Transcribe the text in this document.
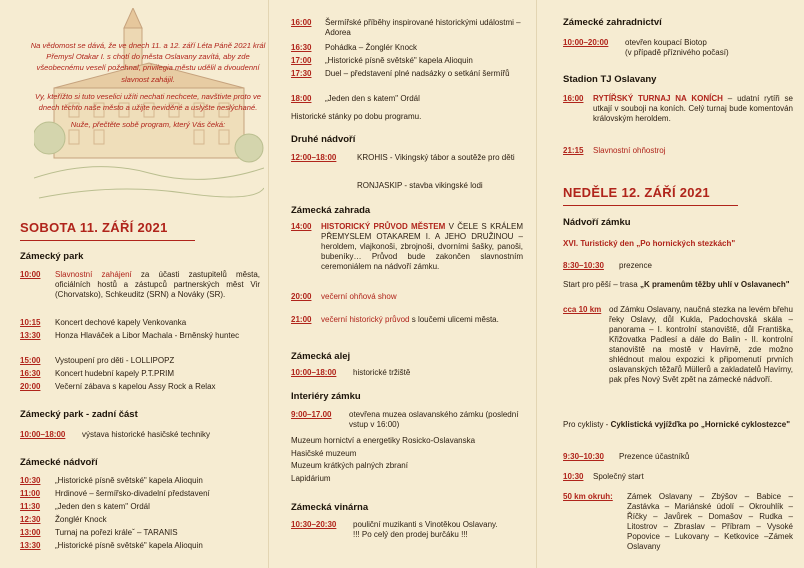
Na vědomost se dává, že ve dnech 11. a 12. září Léta Páně 2021 král Přemysl Otakar I. s chotí do města Oslavany zavítá, aby zde všeobecnému veselí požehnal, privilegia městu udělil a dvoudenní slavnost zahájil.

Vy, kteřížto si tuto veselici užíti nechati nechcete, navštivte proto ve dnech těchto naše město a užijte neviděné a uslyšte neslýchané.

Nuže, přečtěte sobě program, který Vás čeká:

SOBOTA 11. ZÁŘÍ 2021
Zámecký park
10:00	Slavnostní zahájení za účasti zastupitelů města, oficiálních hostů a zástupců partnerských měst Vir (Chorvatsko), Schkeuditz (SRN) a Nováky (SR).
10:15	Koncert dechové kapely Venkovanka
13:30	Honza Hlaváček a Libor Machala - Brněnský huntec
15:00	Vystoupení pro děti - LOLLIPOPZ
16:30	Koncert hudební kapely P.T.PRIM
20:00	Večerní zábava s kapelou Assy Rock a Relax
Zámecký park - zadní část
10:00–18:00	výstava historické hasičské techniky
Zámecké nádvoří
10:30	„Historické písně světské" kapela Alioquin
11:00	Hrdinové – šermířsko-divadelní představení
11:30	„Jeden den s katem" Ordál
12:30	Žonglér Knock
13:00	Turnaj na pořezi králeˇ – TARANIS
13:30	„Historické písně světské" kapela Alioquin
16:00	Šermířské příběhy inspirované historickými událostmi – Adorea
16:30	Pohádka – Žonglér Knock
17:00	„Historické písně světské" kapela Alioquin
17:30	Duel – představení plné nadsázky o setkání šermířů
18:00	„Jeden den s katem" Ordál
Historické stánky po dobu programu.
Druhé nádvoří
12:00–18:00	KROHIS - Vikingský tábor a soutěže pro děti
RONJASKIP - stavba vikingské lodi
Zámecká zahrada
14:00	HISTORICKÝ PRŮVOD MĚSTEM V ČELE S KRÁLEM PŘEMYSLEM OTAKAREM I. A JEHO DRUŽINOU – heroldem, vlajkonoši, zbrojnoši, dvorními šašky, panoši, bubeníky… Průvod bude zakončen slavnostním ceremoniálem na nádvoří zámku.
20:00	večerní ohňová show
21:00	večerní historický průvod s loučemi ulicemi města.
Zámecká alej
10:00–18:00	historické tržiště
Interiéry zámku
9:00–17.00	otevřena muzea oslavanského zámku (poslední vstup v 16:00)
Muzeum hornictví a energetiky Rosicko-Oslavanska
Hasičské muzeum
Muzeum krátkých palných zbraní
Lapidárium
Zámecká vinárna
10:30–20:30	pouliční muzikanti s Vinotěkou Oslavany.
!!! Po celý den prodej burčáku !!!
Zámecké zahradnictví
10:00–20:00	otevřen koupací Biotop
(v případě příznivého počasí)
Stadion TJ Oslavany
16:00	RYTÍŘSKÝ TURNAJ NA KONÍCH – udatní rytíři se utkají v souboji na koních. Celý turnaj bude komentován královským heroldem.
21:15	Slavnostní ohňostroj
NEDĚLE 12. ZÁŘÍ 2021
Nádvoří zámku
XVI. Turistický den „Po hornických stezkách"
8:30–10:30	prezence
Start pro pěší – trasa „K pramenům těžby uhlí v Oslavanech"
cca 10 km od Zámku Oslavany, naučná stezka na levém břehu řeky Oslavy, důl Kukla, Padochovská skála – panorama – I. kontrolní stanoviště, důl Františka, Křižovatka Padlesí a dále do Balin - II. kontrolní stanoviště na mostě v Havírně, zde možno shlédnout malou expozici k připomenutí prvních oslavanských těžařů Müllerů a zakladatelů Havírny, pak přes Nový Svět zpět na zámecké nádvoří.
Pro cyklisty - Cyklistická vyjížďka po „Hornické cyklostezce"
9:30–10:30	Prezence účastníků
10:30	Společný start
50 km okruh:	Zámek Oslavany – Zbýšov – Babice – Zastávka – Mariánské údolí – Okrouhlík – Říčky – Javůrek – Domašov – Rudka – Litostrov – Zbraslav – Příbram – Vysoké Popovice – Lukovany – Ketkovice –Zámek Oslavany
